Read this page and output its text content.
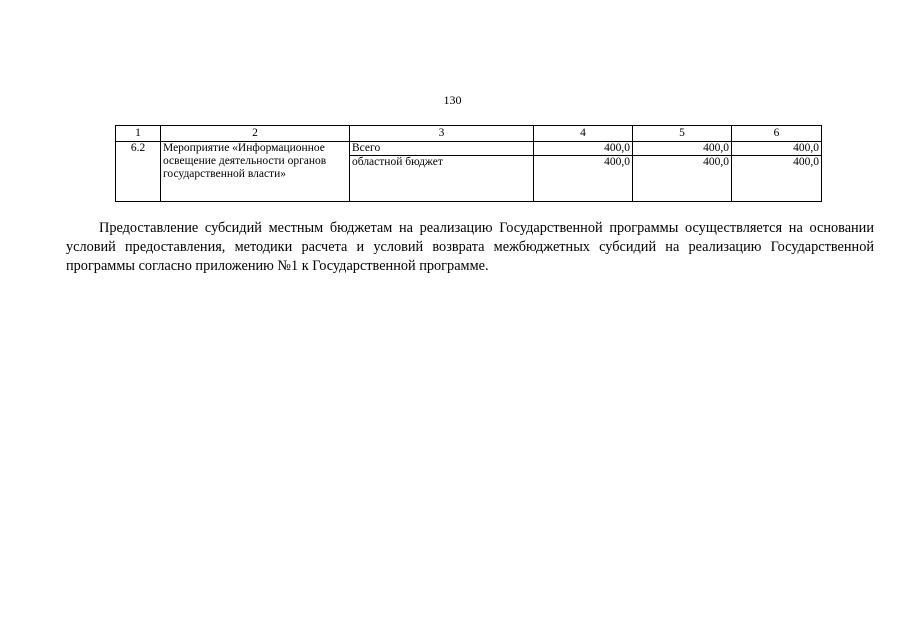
130
1	2	3	4	5	6
6.2	Мероприятие «Информационное освещение деятельности органов государственной власти»	Всего	400,0	400,0	400,0
		областной бюджет	400,0	400,0	400,0

Предоставление субсидий местным бюджетам на реализацию Государственной программы осуществляется на основании условий предоставления, методики расчета и условий возврата межбюджетных субсидий на реализацию Государственной программы согласно приложению №1 к Государственной программе.
